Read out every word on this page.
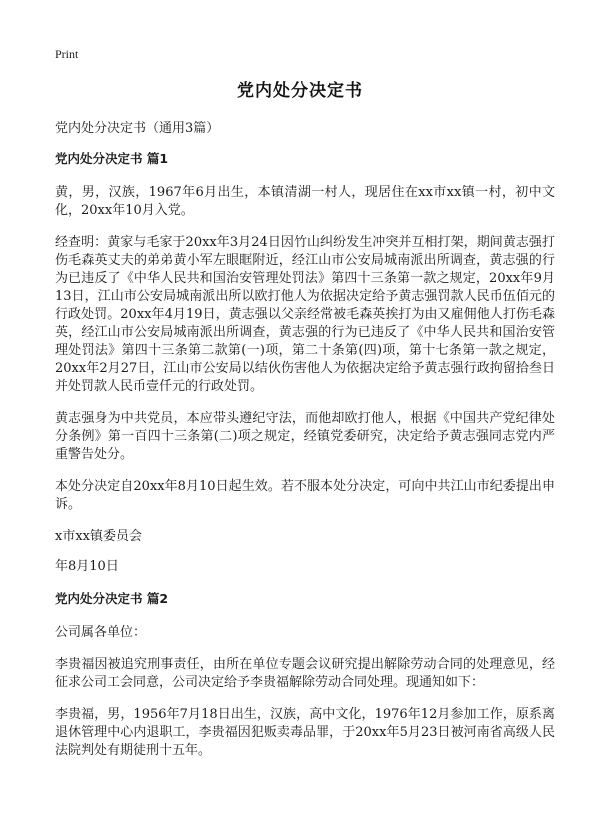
Print
党内处分决定书

党内处分决定书（通用3篇）

党内处分决定书 篇1

黄，男，汉族，1967年6月出生，本镇清湖一村人，现居住在xx市xx镇一村，初中文化，20xx年10月入党。

经查明：黄家与毛家于20xx年3月24日因竹山纠纷发生冲突并互相打架，期间黄志强打伤毛森英丈夫的弟弟黄小军左眼眶附近，经江山市公安局城南派出所调查，黄志强的行为已违反了《中华人民共和国治安管理处罚法》第四十三条第一款之规定，20xx年9月13日，江山市公安局城南派出所以欧打他人为依据决定给予黄志强罚款人民币伍佰元的行政处罚。20xx年4月19日，黄志强以父亲经常被毛森英挨打为由又雇佣他人打伤毛森英，经江山市公安局城南派出所调查，黄志强的行为已违反了《中华人民共和国治安管理处罚法》第四十三条第二款第(一)项，第二十条第(四)项，第十七条第一款之规定，20xx年2月27日，江山市公安局以结伙伤害他人为依据决定给予黄志强行政拘留拾叁日并处罚款人民币壹仟元的行政处罚。

黄志强身为中共党员，本应带头遵纪守法，而他却欧打他人，根据《中国共产党纪律处分条例》第一百四十三条第(二)项之规定，经镇党委研究，决定给予黄志强同志党内严重警告处分。

本处分决定自20xx年8月10日起生效。若不服本处分决定，可向中共江山市纪委提出申诉。

x市xx镇委员会

年8月10日

党内处分决定书 篇2

公司属各单位：

李贵福因被追究刑事责任，由所在单位专题会议研究提出解除劳动合同的处理意见，经征求公司工会同意，公司决定给予李贵福解除劳动合同处理。现通知如下：

李贵福，男，1956年7月18日出生，汉族，高中文化，1976年12月参加工作，原系离退休管理中心内退职工，李贵福因犯贩卖毒品罪，于20xx年5月23日被河南省高级人民法院判处有期徒刑十五年。
